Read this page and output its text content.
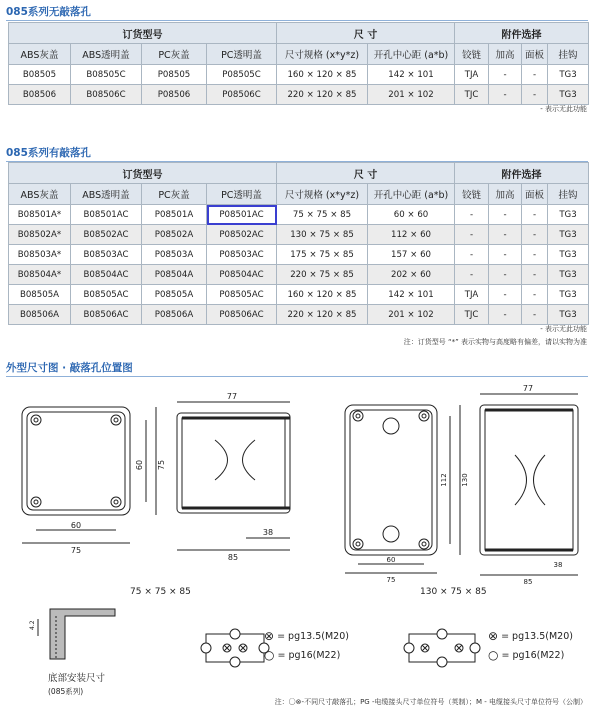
085系列无敲落孔
订货型号				尺 寸		附件选择			
ABS灰盖	ABS透明盖	PC灰盖	PC透明盖	尺寸规格 (x*y*z)	开孔中心距 (a*b)	铰链	加高	面板	挂钩
B08505	B08505C	P08505	P08505C	160 × 120 × 85	142 × 101	TJA	-	-	TG3
B08506	B08506C	P08506	P08506C	220 × 120 × 85	201 × 102	TJC	-	-	TG3
- 表示无此功能
085系列有敲落孔
订货型号				尺 寸		附件选择			
ABS灰盖	ABS透明盖	PC灰盖	PC透明盖	尺寸规格 (x*y*z)	开孔中心距 (a*b)	铰链	加高	面板	挂钩
B08501A*	B08501AC	P08501A	P08501AC	75 × 75 × 85	60 × 60	-	-	-	TG3
B08502A*	B08502AC	P08502A	P08502AC	130 × 75 × 85	112 × 60	-	-	-	TG3
B08503A*	B08503AC	P08503A	P08503AC	175 × 75 × 85	157 × 60	-	-	-	TG3
B08504A*	B08504AC	P08504A	P08504AC	220 × 75 × 85	202 × 60	-	-	-	TG3
B08505A	B08505AC	P08505A	P08505AC	160 × 120 × 85	142 × 101	TJA	-	-	TG3
B08506A	B08506AC	P08506A	P08506AC	220 × 120 × 85	201 × 102	TJC	-	-	TG3
- 表示无此功能
注：订货型号 “*” 表示实物与高度略有偏差，请以实物为准
外型尺寸图 · 敲落孔位置图
77
60
75
60 75
85
38
75 × 75 × 85
77
60
75
112 130
85
38
130 × 75 × 85
4.2
底部安装尺寸
(085系列)
⊗ = pg13.5(M20)
○ = pg16(M22)
⊗ = pg13.5(M20)
○ = pg16(M22)
注：〇⊗-不同尺寸敲落孔；PG -电缆接头尺寸单位符号（英制）；M - 电缆接头尺寸单位符号（公制）
